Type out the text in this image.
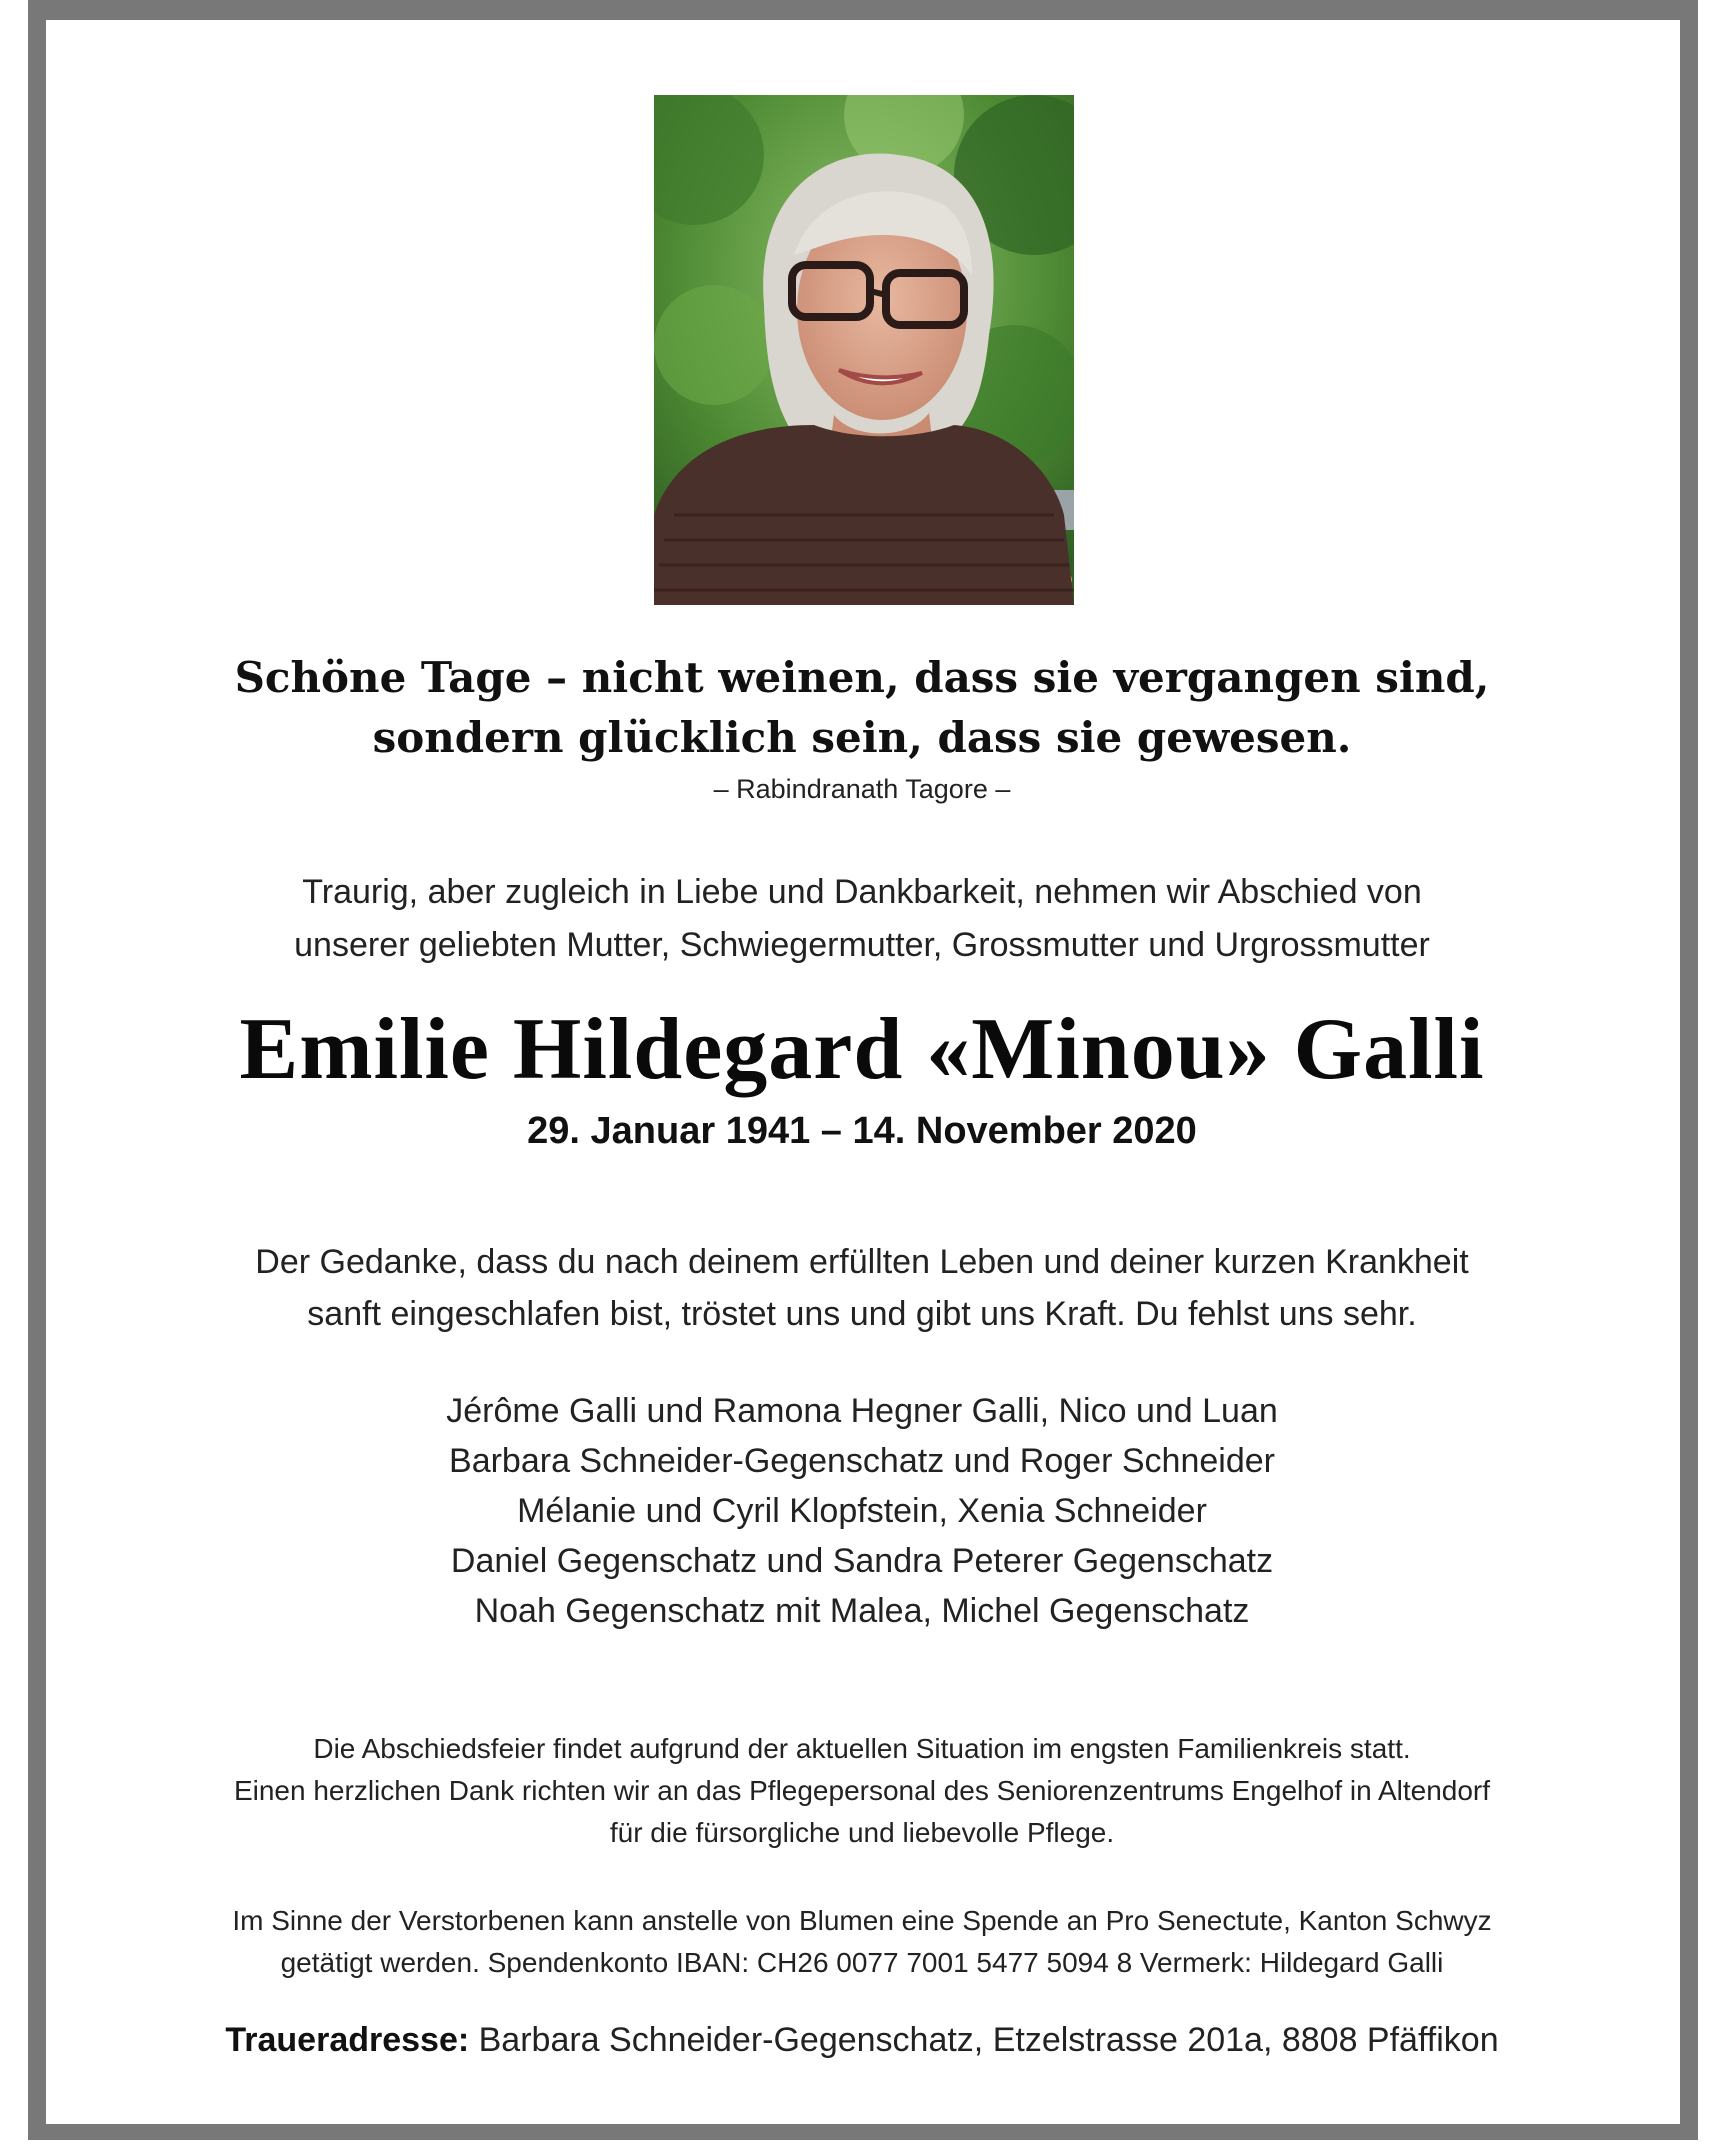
Schöne Tage – nicht weinen, dass sie vergangen sind,
sondern glücklich sein, dass sie gewesen.
– Rabindranath Tagore –
Traurig, aber zugleich in Liebe und Dankbarkeit, nehmen wir Abschied von
unserer geliebten Mutter, Schwiegermutter, Grossmutter und Urgrossmutter
Emilie Hildegard «Minou» Galli
29. Januar 1941 – 14. November 2020
Der Gedanke, dass du nach deinem erfüllten Leben und deiner kurzen Krankheit
sanft eingeschlafen bist, tröstet uns und gibt uns Kraft. Du fehlst uns sehr.
Jérôme Galli und Ramona Hegner Galli, Nico und Luan
Barbara Schneider-Gegenschatz und Roger Schneider
Mélanie und Cyril Klopfstein, Xenia Schneider
Daniel Gegenschatz und Sandra Peterer Gegenschatz
Noah Gegenschatz mit Malea, Michel Gegenschatz
Die Abschiedsfeier findet aufgrund der aktuellen Situation im engsten Familienkreis statt.
Einen herzlichen Dank richten wir an das Pflegepersonal des Seniorenzentrums Engelhof in Altendorf
für die fürsorgliche und liebevolle Pflege.
Im Sinne der Verstorbenen kann anstelle von Blumen eine Spende an Pro Senectute, Kanton Schwyz
getätigt werden. Spendenkonto IBAN: CH26 0077 7001 5477 5094 8 Vermerk: Hildegard Galli
Traueradresse: Barbara Schneider-Gegenschatz, Etzelstrasse 201a, 8808 Pfäffikon
